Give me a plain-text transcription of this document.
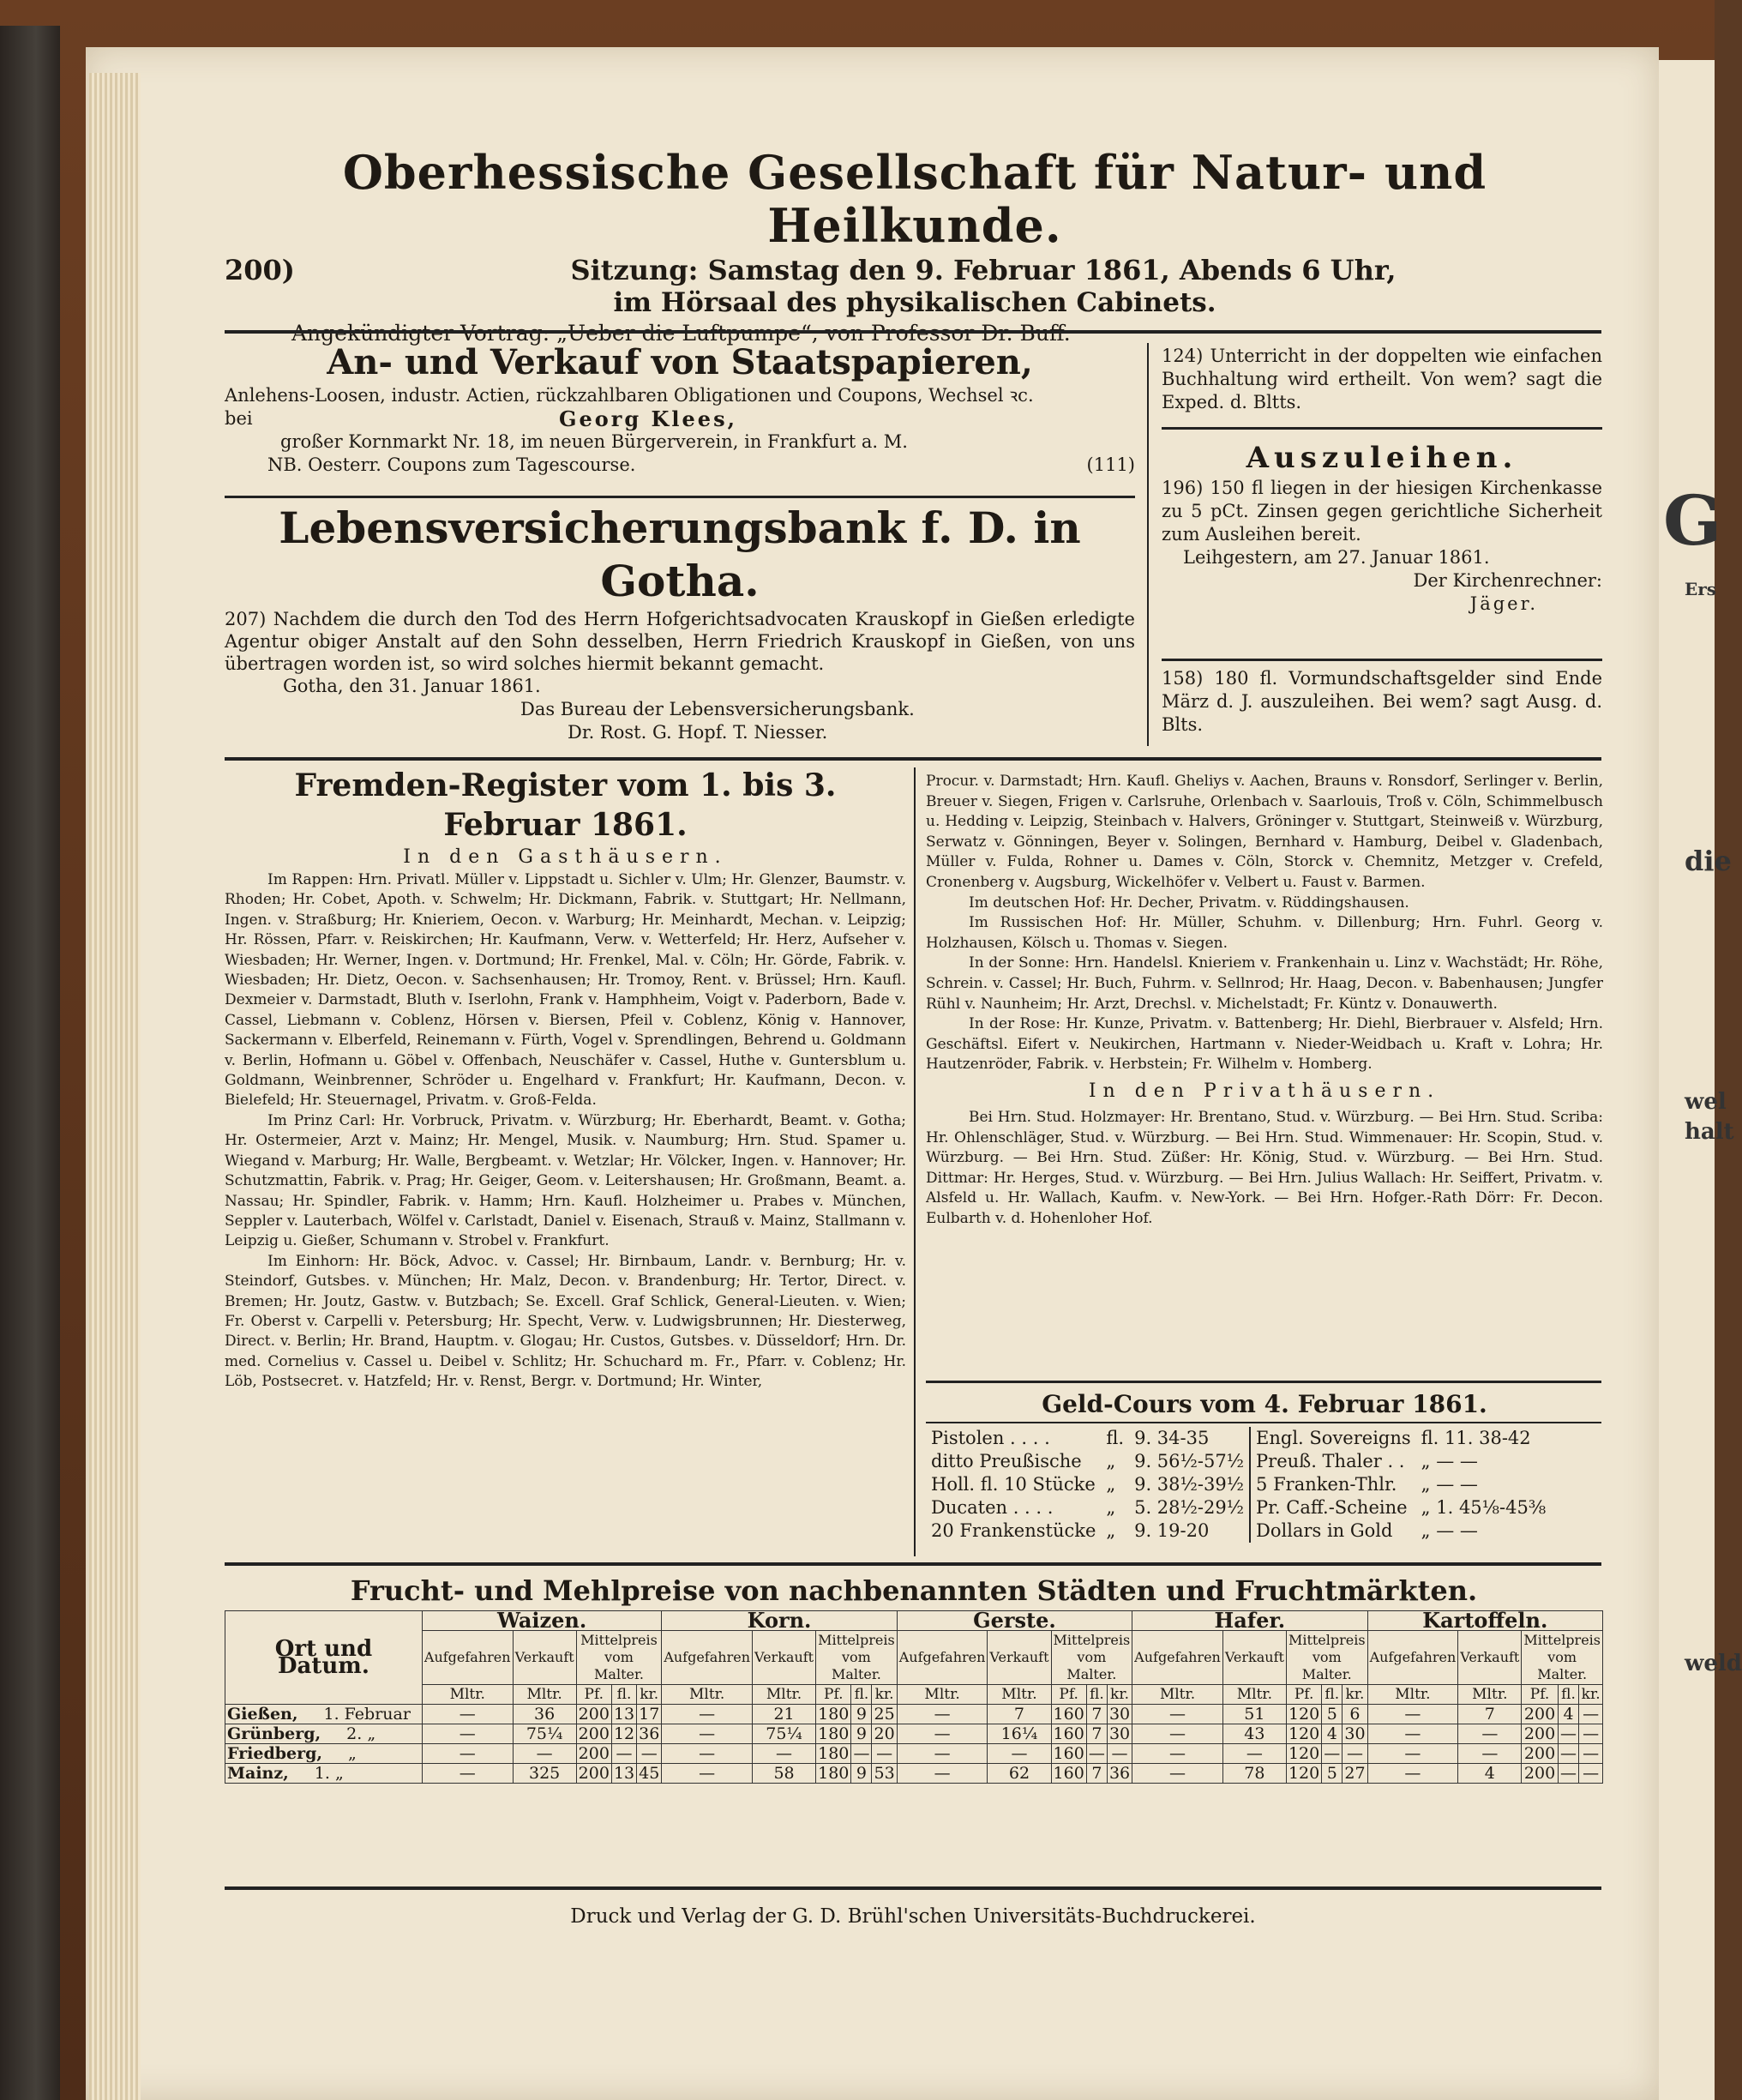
G
Ers
die
wel
halt
weld
Oberhessische Gesellschaft für Natur- und Heilkunde.
200)	Sitzung: Samstag den 9. Februar 1861, Abends 6 Uhr,
im Hörsaal des physikalischen Cabinets.
An- und Verkauf von Staatspapieren,
Anlehens-Loosen, industr. Actien, rückzahlbaren Obligationen und Coupons, Wechsel ꝛc.
bei	Georg Klees,
großer Kornmarkt Nr. 18, im neuen Bürgerverein, in Frankfurt a. M.
NB. Oesterr. Coupons zum Tagescourse.	(111)
Lebensversicherungsbank f. D. in Gotha.
207) Nachdem die durch den Tod des Herrn Hofgerichtsadvocaten Krauskopf in Gießen erledigte Agentur obiger Anstalt auf den Sohn desselben, Herrn Friedrich Krauskopf in Gießen, von uns übertragen worden ist, so wird solches hiermit bekannt gemacht.
Gotha, den 31. Januar 1861.
Das Bureau der Lebensversicherungsbank.
Dr. Rost. G. Hopf. T. Niesser.
124) Unterricht in der doppelten wie einfachen Buchhaltung wird ertheilt. Von wem? sagt die Exped. d. Bltts.
Auszuleihen.
196) 150 fl liegen in der hiesigen Kirchenkasse zu 5 pCt. Zinsen gegen gerichtliche Sicherheit zum Ausleihen bereit.
Leihgestern, am 27. Januar 1861.
Der Kirchenrechner:
Jäger.
158) 180 fl. Vormundschaftsgelder sind Ende März d. J. auszuleihen. Bei wem? sagt Ausg. d. Blts.
Fremden-Register vom 1. bis 3. Februar 1861.
In den Gasthäusern.

Im Rappen: Hrn. Privatl. Müller v. Lippstadt u. Sichler v. Ulm; Hr. Glenzer, Baumstr. v. Rhoden; Hr. Cobet, Apoth. v. Schwelm; Hr. Dickmann, Fabrik. v. Stuttgart; Hr. Nellmann, Ingen. v. Straßburg; Hr. Knieriem, Oecon. v. Warburg; Hr. Meinhardt, Mechan. v. Leipzig; Hr. Rössen, Pfarr. v. Reiskirchen; Hr. Kaufmann, Verw. v. Wetterfeld; Hr. Herz, Aufseher v. Wiesbaden; Hr. Werner, Ingen. v. Dortmund; Hr. Frenkel, Mal. v. Cöln; Hr. Görde, Fabrik. v. Wiesbaden; Hr. Dietz, Oecon. v. Sachsenhausen; Hr. Tromoy, Rent. v. Brüssel; Hrn. Kaufl. Dexmeier v. Darmstadt, Bluth v. Iserlohn, Frank v. Hamphheim, Voigt v. Paderborn, Bade v. Cassel, Liebmann v. Coblenz, Hörsen v. Biersen, Pfeil v. Coblenz, König v. Hannover, Sackermann v. Elberfeld, Reinemann v. Fürth, Vogel v. Sprendlingen, Behrend u. Goldmann v. Berlin, Hofmann u. Göbel v. Offenbach, Neuschäfer v. Cassel, Huthe v. Guntersblum u. Goldmann, Weinbrenner, Schröder u. Engelhard v. Frankfurt; Hr. Kaufmann, Decon. v. Bielefeld; Hr. Steuernagel, Privatm. v. Groß-Felda.

Im Prinz Carl: Hr. Vorbruck, Privatm. v. Würzburg; Hr. Eberhardt, Beamt. v. Gotha; Hr. Ostermeier, Arzt v. Mainz; Hr. Mengel, Musik. v. Naumburg; Hrn. Stud. Spamer u. Wiegand v. Marburg; Hr. Walle, Bergbeamt. v. Wetzlar; Hr. Völcker, Ingen. v. Hannover; Hr. Schutzmattin, Fabrik. v. Prag; Hr. Geiger, Geom. v. Leitershausen; Hr. Großmann, Beamt. a. Nassau; Hr. Spindler, Fabrik. v. Hamm; Hrn. Kaufl. Holzheimer u. Prabes v. München, Seppler v. Lauterbach, Wölfel v. Carlstadt, Daniel v. Eisenach, Strauß v. Mainz, Stallmann v. Leipzig u. Gießer, Schumann v. Strobel v. Frankfurt.

Im Einhorn: Hr. Böck, Advoc. v. Cassel; Hr. Birnbaum, Landr. v. Bernburg; Hr. v. Steindorf, Gutsbes. v. München; Hr. Malz, Decon. v. Brandenburg; Hr. Tertor, Direct. v. Bremen; Hr. Joutz, Gastw. v. Butzbach; Se. Excell. Graf Schlick, General-Lieuten. v. Wien; Fr. Oberst v. Carpelli v. Petersburg; Hr. Specht, Verw. v. Ludwigsbrunnen; Hr. Diesterweg, Direct. v. Berlin; Hr. Brand, Hauptm. v. Glogau; Hr. Custos, Gutsbes. v. Düsseldorf; Hrn. Dr. med. Cornelius v. Cassel u. Deibel v. Schlitz; Hr. Schuchard m. Fr., Pfarr. v. Coblenz; Hr. Löb, Postsecret. v. Hatzfeld; Hr. v. Renst, Bergr. v. Dortmund; Hr. Winter,

Procur. v. Darmstadt; Hrn. Kaufl. Gheliys v. Aachen, Brauns v. Ronsdorf, Serlinger v. Berlin, Breuer v. Siegen, Frigen v. Carlsruhe, Orlenbach v. Saarlouis, Troß v. Cöln, Schimmelbusch u. Hedding v. Leipzig, Steinbach v. Halvers, Gröninger v. Stuttgart, Steinweiß v. Würzburg, Serwatz v. Gönningen, Beyer v. Solingen, Bernhard v. Hamburg, Deibel v. Gladenbach, Müller v. Fulda, Rohner u. Dames v. Cöln, Storck v. Chemnitz, Metzger v. Crefeld, Cronenberg v. Augsburg, Wickelhöfer v. Velbert u. Faust v. Barmen.

Im deutschen Hof: Hr. Decher, Privatm. v. Rüddingshausen.

Im Russischen Hof: Hr. Müller, Schuhm. v. Dillenburg; Hrn. Fuhrl. Georg v. Holzhausen, Kölsch u. Thomas v. Siegen.

In der Sonne: Hrn. Handelsl. Knieriem v. Frankenhain u. Linz v. Wachstädt; Hr. Röhe, Schrein. v. Cassel; Hr. Buch, Fuhrm. v. Sellnrod; Hr. Haag, Decon. v. Babenhausen; Jungfer Rühl v. Naunheim; Hr. Arzt, Drechsl. v. Michelstadt; Fr. Küntz v. Donauwerth.

In der Rose: Hr. Kunze, Privatm. v. Battenberg; Hr. Diehl, Bierbrauer v. Alsfeld; Hrn. Geschäftsl. Eifert v. Neukirchen, Hartmann v. Nieder-Weidbach u. Kraft v. Lohra; Hr. Hautzenröder, Fabrik. v. Herbstein; Fr. Wilhelm v. Homberg.

In den Privathäusern.

Bei Hrn. Stud. Holzmayer: Hr. Brentano, Stud. v. Würzburg. — Bei Hrn. Stud. Scriba: Hr. Ohlenschläger, Stud. v. Würzburg. — Bei Hrn. Stud. Wimmenauer: Hr. Scopin, Stud. v. Würzburg. — Bei Hrn. Stud. Züßer: Hr. König, Stud. v. Würzburg. — Bei Hrn. Stud. Dittmar: Hr. Herges, Stud. v. Würzburg. — Bei Hrn. Julius Wallach: Hr. Seiffert, Privatm. v. Alsfeld u. Hr. Wallach, Kaufm. v. New-York. — Bei Hrn. Hofger.-Rath Dörr: Fr. Decon. Eulbarth v. d. Hohenloher Hof.

Geld-Cours vom 4. Februar 1861.
Pistolen . . . .	fl.	9. 34-35	Engl. Sovereigns	fl. 11. 38-42
ditto Preußische	„	9. 56½-57½	Preuß. Thaler . .	„ — —
Holl. fl. 10 Stücke	„	9. 38½-39½	5 Franken-Thlr.	„ — —
Ducaten . . . .	„	5. 28½-29½	Pr. Caff.-Scheine	„ 1. 45⅛-45⅜
20 Frankenstücke	„	9. 19-20	Dollars in Gold	„ — —
Frucht- und Mehlpreise von nachbenannten Städten und Fruchtmärkten.
Ort und Datum.	Waizen.					Korn.					Gerste.					Hafer.					Kartoffeln.				
	Aufgefahren	Verkauft	Mittelpreis vom Malter.			Aufgefahren	Verkauft	Mittelpreis vom Malter.			Aufgefahren	Verkauft	Mittelpreis vom Malter.			Aufgefahren	Verkauft	Mittelpreis vom Malter.			Aufgefahren	Verkauft	Mittelpreis vom Malter.		
	Mltr.	Mltr.	Pf.	fl.	kr.	Mltr.	Mltr.	Pf.	fl.	kr.	Mltr.	Mltr.	Pf.	fl.	kr.	Mltr.	Mltr.	Pf.	fl.	kr.	Mltr.	Mltr.	Pf.	fl.	kr.
Gießen, 1. Februar	—	36	200	13	17	—	21	180	9	25	—	7	160	7	30	—	51	120	5	6	—	7	200	4	—
Grünberg, 2. „	—	75¼	200	12	36	—	75¼	180	9	20	—	16¼	160	7	30	—	43	120	4	30	—	—	200	—	—
Friedberg, „	—	—	200	—	—	—	—	180	—	—	—	—	160	—	—	—	—	120	—	—	—	—	200	—	—
Mainz, 1. „	—	325	200	13	45	—	58	180	9	53	—	62	160	7	36	—	78	120	5	27	—	4	200	—	—
Druck und Verlag der G. D. Brühl'schen Universitäts-Buchdruckerei.
